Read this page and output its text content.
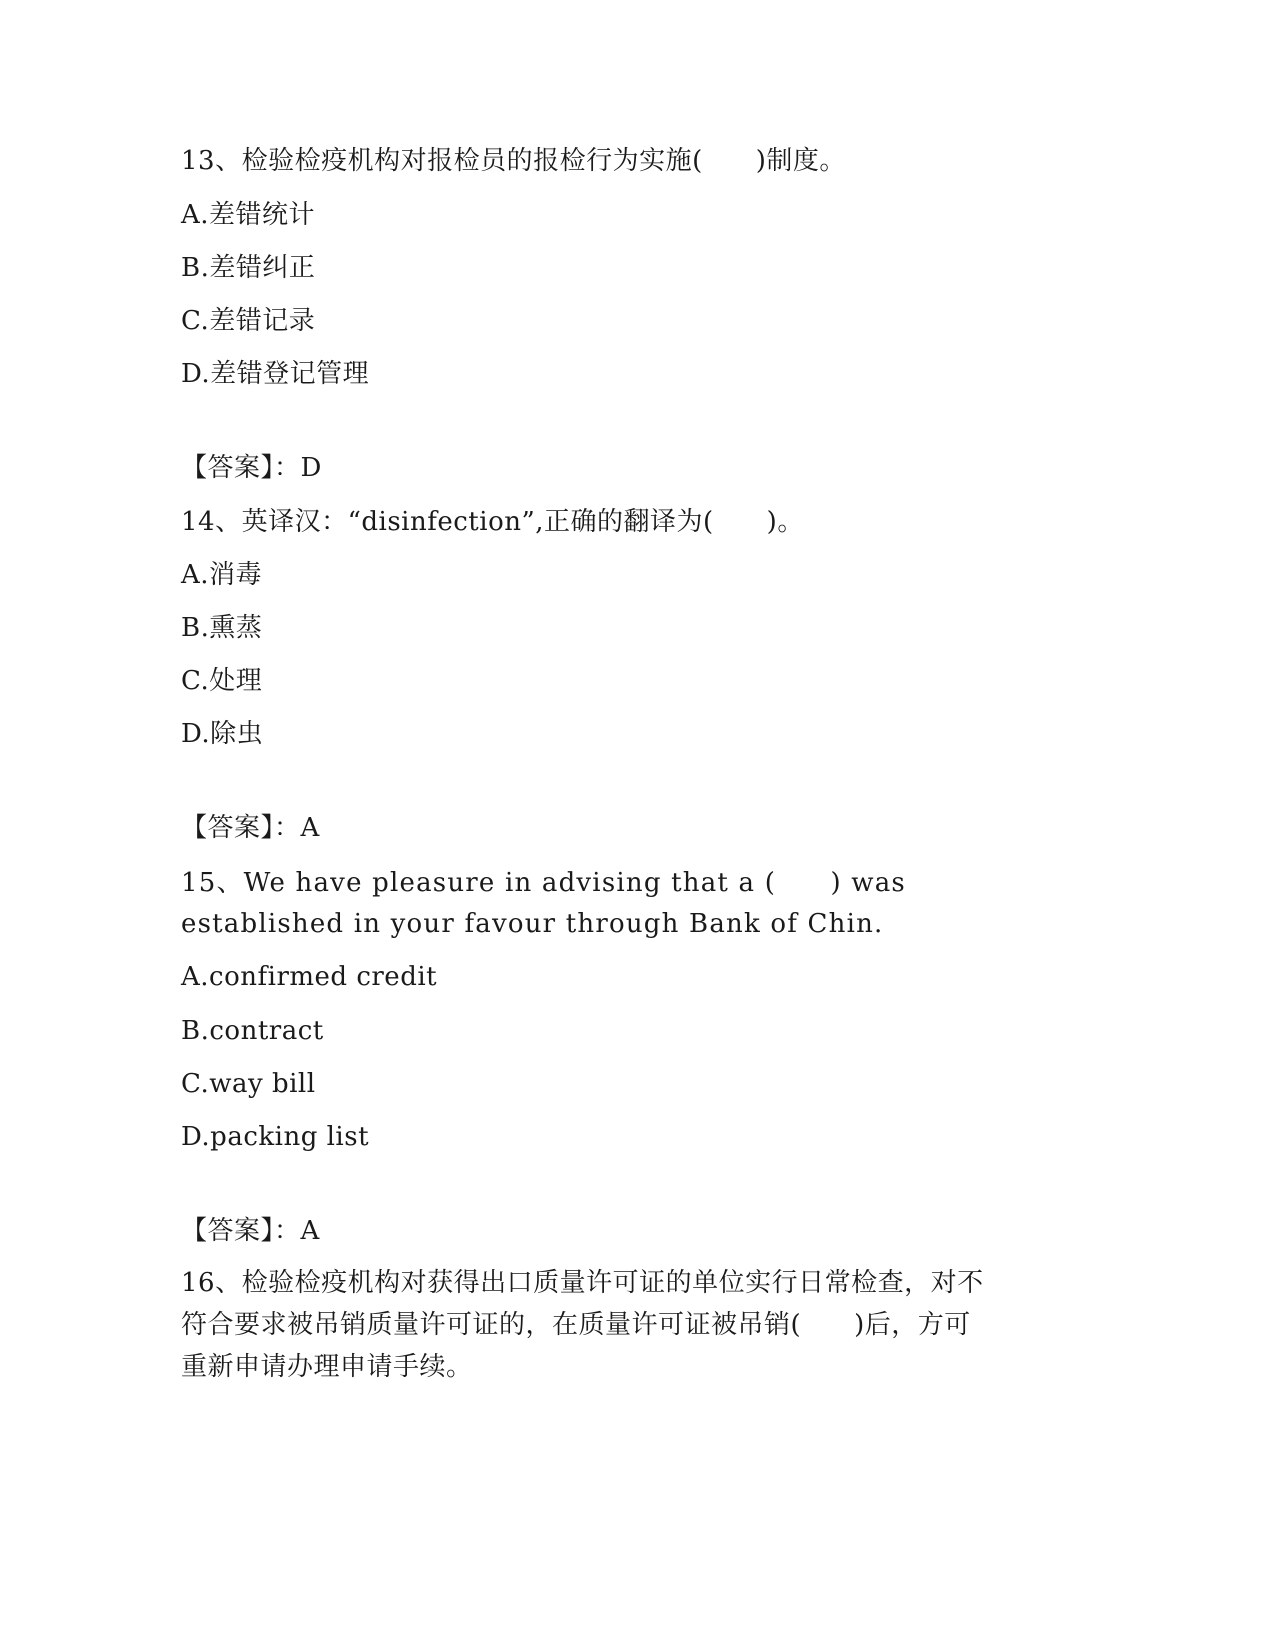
13、检验检疫机构对报检员的报检行为实施(　　)制度。
A.差错统计
B.差错纠正
C.差错记录
D.差错登记管理
【答案】：D
14、英译汉：“disinfection”,正确的翻译为(　　)。
A.消毒
B.熏蒸
C.处理
D.除虫
【答案】：A
15、We have pleasure in advising that a (　　) was
established in your favour through Bank of Chin.
A.confirmed credit
B.contract
C.way bill
D.packing list
【答案】：A
16、检验检疫机构对获得出口质量许可证的单位实行日常检查，对不
符合要求被吊销质量许可证的，在质量许可证被吊销(　　)后，方可
重新申请办理申请手续。
